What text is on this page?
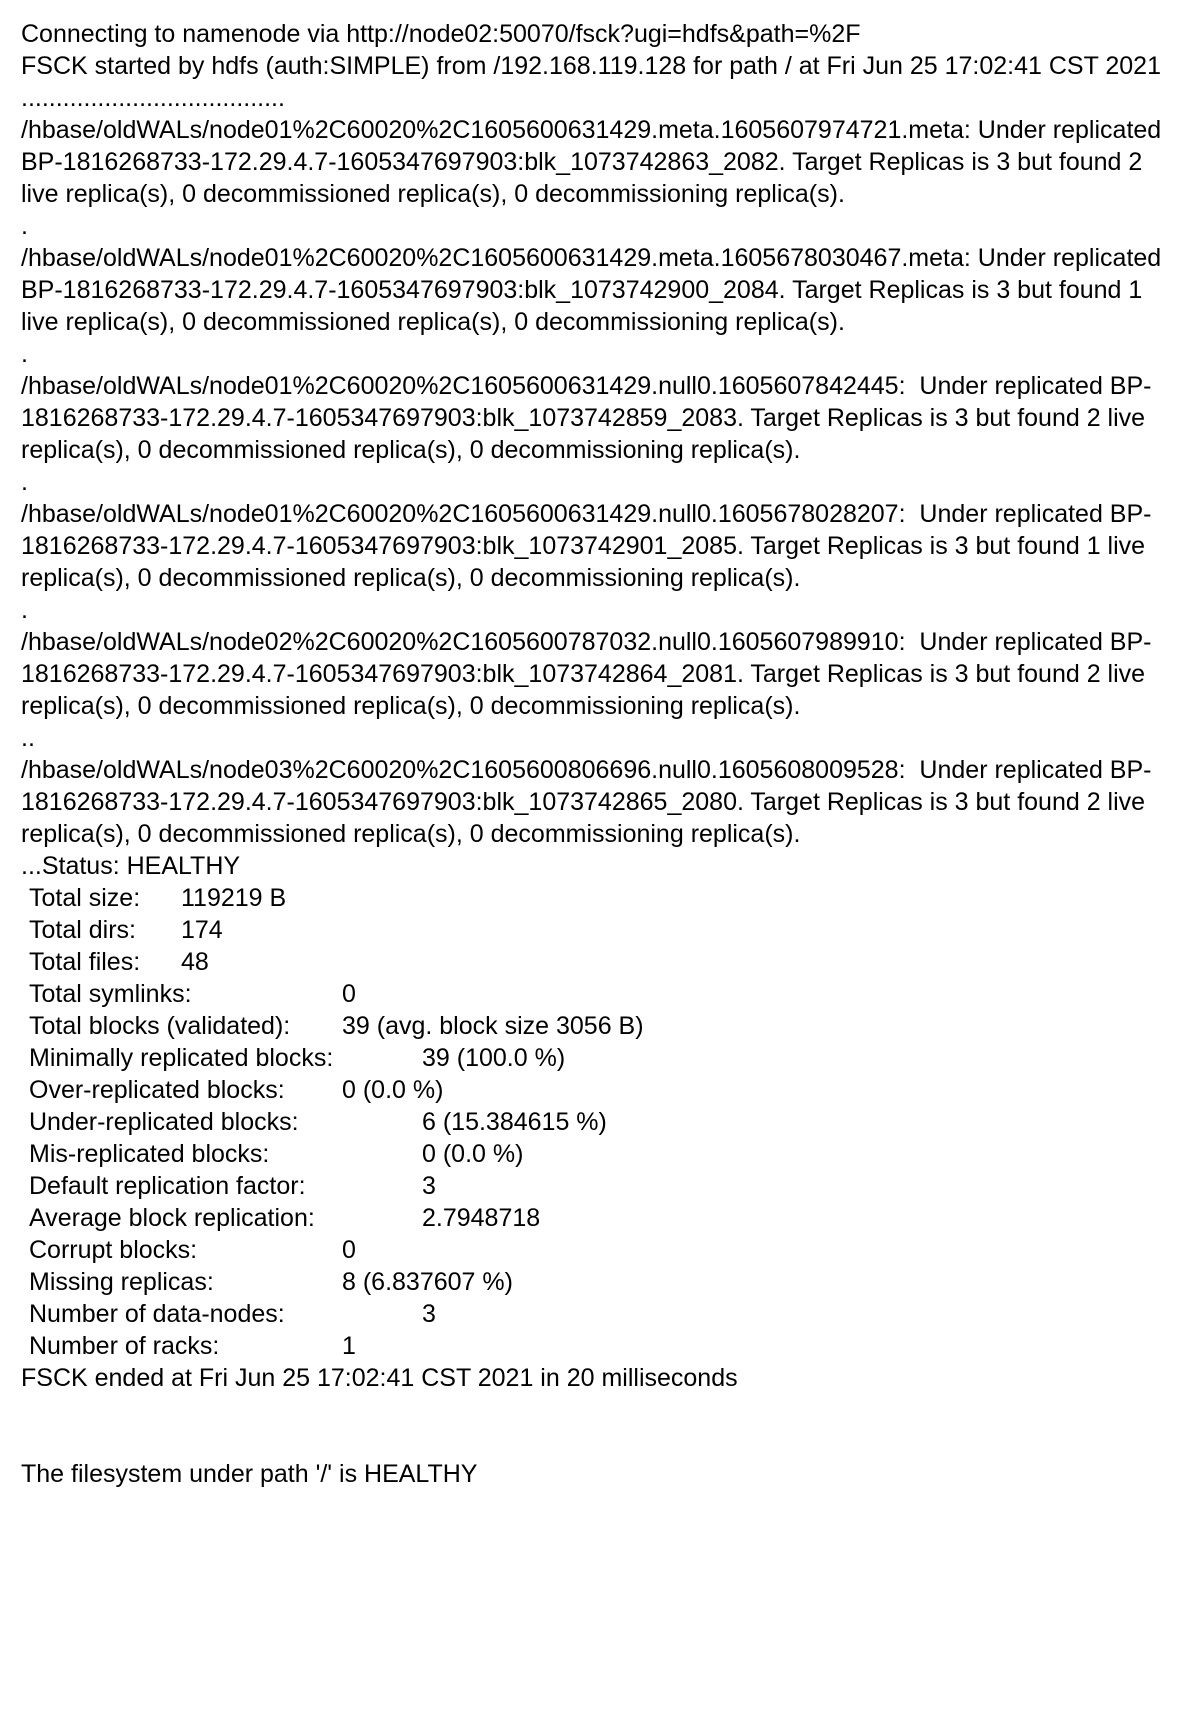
Connecting to namenode via http://node02:50070/fsck?ugi=hdfs&path=%2F
FSCK started by hdfs (auth:SIMPLE) from /192.168.119.128 for path / at Fri Jun 25 17:02:41 CST 2021
......................................
/hbase/oldWALs/node01%2C60020%2C1605600631429.meta.1605607974721.meta: Under replicated BP-1816268733-172.29.4.7-1605347697903:blk_1073742863_2082. Target Replicas is 3 but found 2 live replica(s), 0 decommissioned replica(s), 0 decommissioning replica(s).
.
/hbase/oldWALs/node01%2C60020%2C1605600631429.meta.1605678030467.meta: Under replicated BP-1816268733-172.29.4.7-1605347697903:blk_1073742900_2084. Target Replicas is 3 but found 1 live replica(s), 0 decommissioned replica(s), 0 decommissioning replica(s).
.
/hbase/oldWALs/node01%2C60020%2C1605600631429.null0.1605607842445:  Under replicated BP-1816268733-172.29.4.7-1605347697903:blk_1073742859_2083. Target Replicas is 3 but found 2 live replica(s), 0 decommissioned replica(s), 0 decommissioning replica(s).
.
/hbase/oldWALs/node01%2C60020%2C1605600631429.null0.1605678028207:  Under replicated BP-1816268733-172.29.4.7-1605347697903:blk_1073742901_2085. Target Replicas is 3 but found 1 live replica(s), 0 decommissioned replica(s), 0 decommissioning replica(s).
.
/hbase/oldWALs/node02%2C60020%2C1605600787032.null0.1605607989910:  Under replicated BP-1816268733-172.29.4.7-1605347697903:blk_1073742864_2081. Target Replicas is 3 but found 2 live replica(s), 0 decommissioned replica(s), 0 decommissioning replica(s).
..
/hbase/oldWALs/node03%2C60020%2C1605600806696.null0.1605608009528:  Under replicated BP-1816268733-172.29.4.7-1605347697903:blk_1073742865_2080. Target Replicas is 3 but found 2 live replica(s), 0 decommissioned replica(s), 0 decommissioning replica(s).
...Status: HEALTHY
Total size:	119219 B
Total dirs:	174
Total files:	48
Total symlinks:	0
Total blocks (validated):	39 (avg. block size 3056 B)
Minimally replicated blocks:	39 (100.0 %)
Over-replicated blocks:	0 (0.0 %)
Under-replicated blocks:	6 (15.384615 %)
Mis-replicated blocks:	0 (0.0 %)
Default replication factor:	3
Average block replication:	2.7948718
Corrupt blocks:	0
Missing replicas:	8 (6.837607 %)
Number of data-nodes:	3
Number of racks:	1
FSCK ended at Fri Jun 25 17:02:41 CST 2021 in 20 milliseconds
The filesystem under path '/' is HEALTHY
